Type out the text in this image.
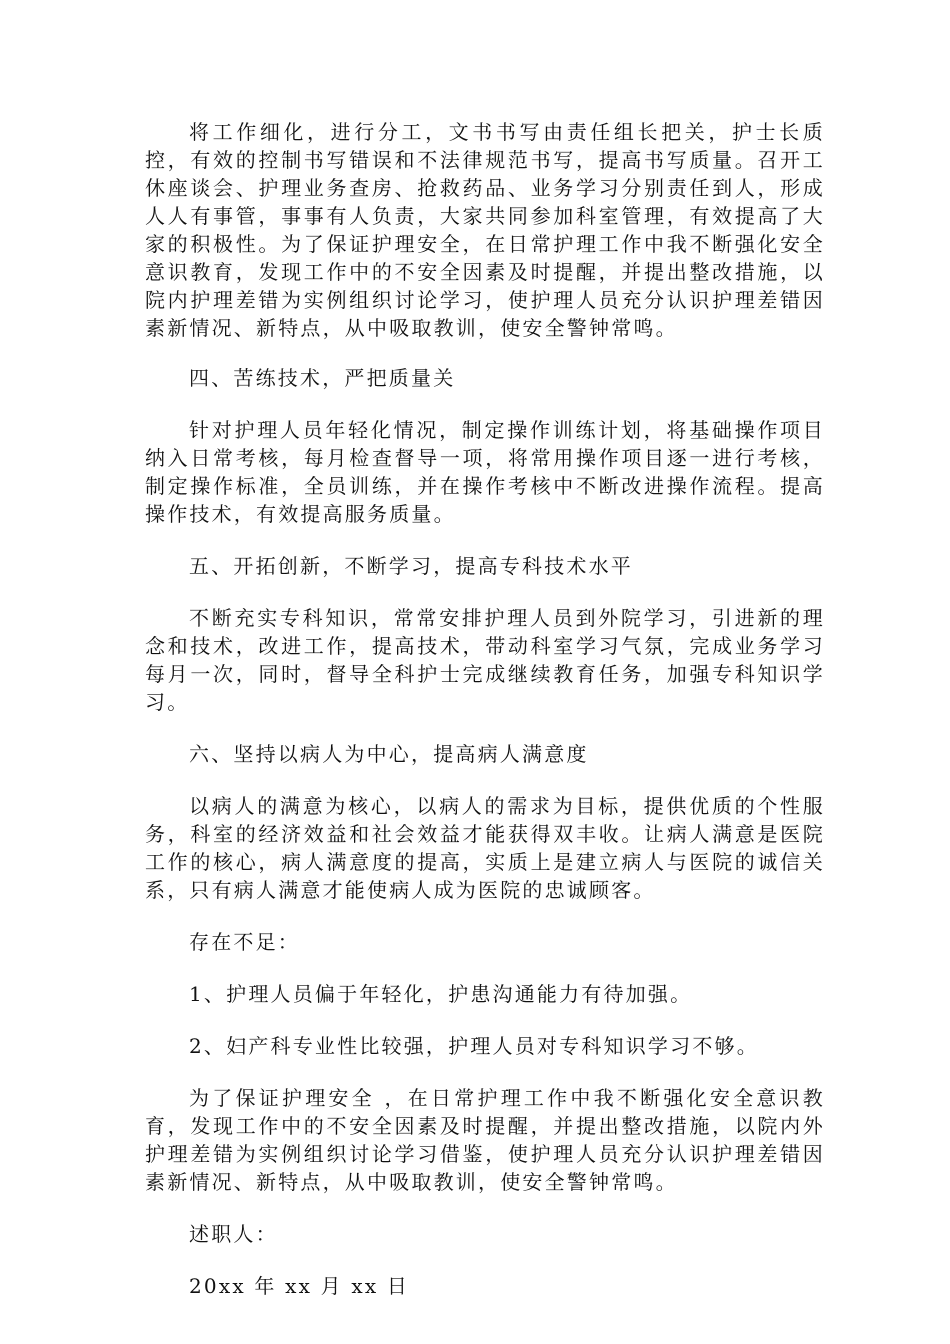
将工作细化，进行分工，文书书写由责任组长把关，护士长质控，有效的控制书写错误和不法律规范书写，提高书写质量。召开工休座谈会、护理业务查房、抢救药品、业务学习分别责任到人，形成人人有事管，事事有人负责，大家共同参加科室管理，有效提高了大家的积极性。为了保证护理安全，在日常护理工作中我不断强化安全意识教育，发现工作中的不安全因素及时提醒，并提出整改措施，以院内护理差错为实例组织讨论学习，使护理人员充分认识护理差错因素新情况、新特点，从中吸取教训，使安全警钟常鸣。

四、苦练技术，严把质量关

针对护理人员年轻化情况，制定操作训练计划，将基础操作项目纳入日常考核，每月检查督导一项，将常用操作项目逐一进行考核，制定操作标准，全员训练，并在操作考核中不断改进操作流程。提高操作技术，有效提高服务质量。

五、开拓创新，不断学习，提高专科技术水平

不断充实专科知识，常常安排护理人员到外院学习，引进新的理念和技术，改进工作，提高技术，带动科室学习气氛，完成业务学习每月一次，同时，督导全科护士完成继续教育任务，加强专科知识学习。

六、坚持以病人为中心，提高病人满意度

以病人的满意为核心，以病人的需求为目标，提供优质的个性服务，科室的经济效益和社会效益才能获得双丰收。让病人满意是医院工作的核心，病人满意度的提高，实质上是建立病人与医院的诚信关系，只有病人满意才能使病人成为医院的忠诚顾客。

存在不足：

1、护理人员偏于年轻化，护患沟通能力有待加强。

2、妇产科专业性比较强，护理人员对专科知识学习不够。

为了保证护理安全 ，在日常护理工作中我不断强化安全意识教育，发现工作中的不安全因素及时提醒，并提出整改措施，以院内外护理差错为实例组织讨论学习借鉴，使护理人员充分认识护理差错因素新情况、新特点，从中吸取教训，使安全警钟常鸣。

述职人：

20xx 年 xx 月 xx 日
